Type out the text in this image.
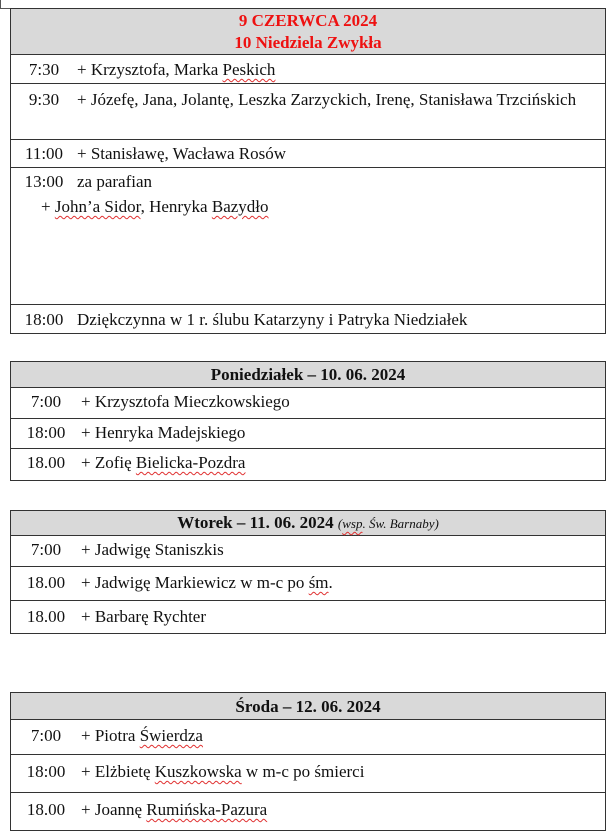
9 CZERWCA 2024
10 Niedziela Zwykła

7:30	+ Krzysztofa, Marka Peskich

9:30	+ Józefę, Jana, Jolantę, Leszka Zarzyckich, Irenę, Stanisława Trzcińskich

11:00 + Stanisławę, Wacława Rosów

13:00 za parafian
+ John’a Sidor, Henryka Bazydło

18:00 Dziękczynna w 1 r. ślubu Katarzyny i Patryka Niedziałek
Poniedziałek – 10. 06. 2024

7:00	+ Krzysztofa Mieczkowskiego

18:00 + Henryka Madejskiego

18.00 + Zofię Bielicka-Pozdra
Wtorek – 11. 06. 2024 (wsp. Św. Barnaby)

7:00	+ Jadwigę Staniszkis

18.00 + Jadwigę Markiewicz w m-c po śm.

18.00 + Barbarę Rychter
Środa – 12. 06. 2024

7:00	+ Piotra Świerdza

18:00 + Elżbietę Kuszkowska w m-c po śmierci

18.00 + Joannę Rumińska-Pazura
